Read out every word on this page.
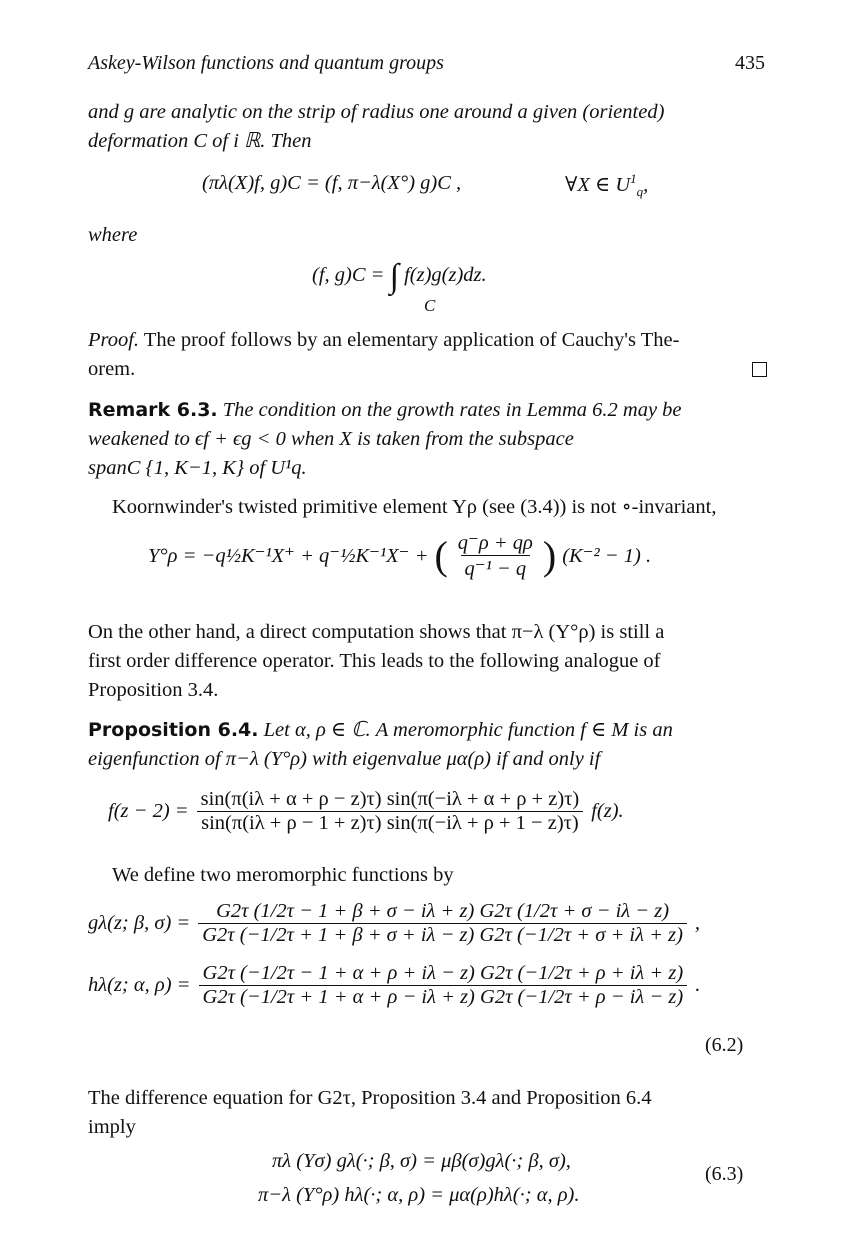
Askey-Wilson functions and quantum groups	435
and g are analytic on the strip of radius one around a given (oriented)
deformation C of i ℝ. Then
(πλ(X)f, g)C = (f, π−λ(X°) g)C ,	∀X ∈ $U^1_q$,
where
(f, g)C = ∫ f(z)g(z)dz.
C
Proof. The proof follows by an elementary application of Cauchy's The-
orem.
Remark 6.3. The condition on the growth rates in Lemma 6.2 may be
weakened to ϵf + ϵg < 0 when X is taken from the subspace
spanC {1, K−1, K} of U¹q.
Koornwinder's twisted primitive element Yρ (see (3.4)) is not ∘-invariant,
Y°ρ = −q½K⁻¹X⁺ + q⁻½K⁻¹X⁻ + ( $\frac{q^-\rho + q\rho}{\text{q⁻¹ − q}}$ ) (K⁻² − 1) .
On the other hand, a direct computation shows that π−λ (Y°ρ) is still a
first order difference operator. This leads to the following analogue of
Proposition 3.4.
Proposition 6.4. Let α, ρ ∈ ℂ. A meromorphic function f ∈ M is an
eigenfunction of π−λ (Y°ρ) with eigenvalue μα(ρ) if and only if
$f(z - 2) = \frac{\sin(\pi(i\lambda + \alpha + \rho - z)\tau) \sin(\pi(-i\lambda + \alpha + \rho + z)\tau)}{\sin(\pi(i\lambda + \rho - 1 + z)\tau) \sin(\pi(-i\lambda + \rho + 1 - z)\tau)} f(z)$.
We define two meromorphic functions by
gλ(z; β, $\sigma) = \frac{G2\tau (1/2\tau - 1 + \beta + \sigma - i\lambda + z) G2\tau (1/2\tau + \sigma - i\lambda - z)}{G2\tau (-1/2\tau + 1 + \beta + \sigma + i\lambda - z) G2\tau (-1/2\tau + \sigma + i\lambda + z)}$ ,
hλ(z; α, $\rho) = \frac{G2\tau (-1/2\tau - 1 + \alpha + \rho + i\lambda - z) G2\tau (-1/2\tau + \rho + i\lambda + z)}{G2\tau (-1/2\tau + 1 + \alpha + \rho - i\lambda + z) G2\tau (-1/2\tau + \rho - i\lambda - z)}$ .
(6.2)
The difference equation for G2τ, Proposition 3.4 and Proposition 6.4
imply
πλ (Yσ) gλ(·; β, σ) = μβ(σ)gλ(·; β, σ),
π−λ (Y°ρ) hλ(·; α, ρ) = μα(ρ)hλ(·; α, ρ).
(6.3)
